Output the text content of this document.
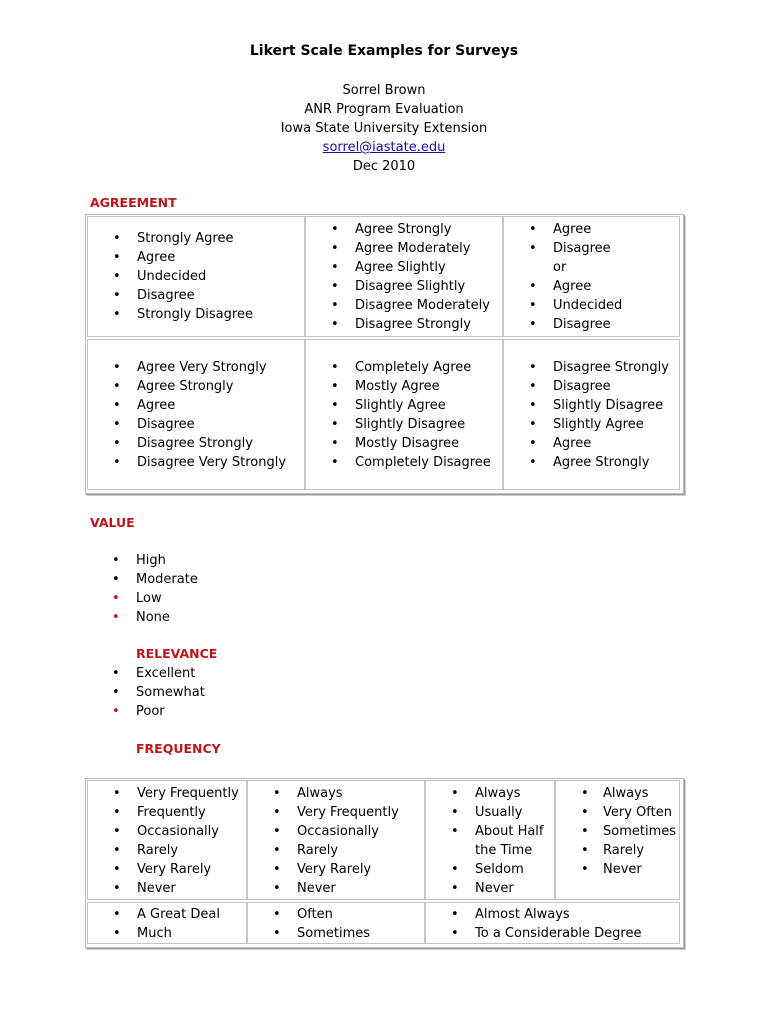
Likert Scale Examples for Surveys
Sorrel Brown
ANR Program Evaluation
Iowa State University Extension
sorrel@iastate.edu
Dec 2010
AGREEMENT
• Strongly Agree
• Agree
• Undecided
• Disagree
• Strongly Disagree
• Agree Strongly
• Agree Moderately
• Agree Slightly
• Disagree Slightly
• Disagree Moderately
• Disagree Strongly
• Agree
• Disagree
or
• Agree
• Undecided
• Disagree
• Agree Very Strongly
• Agree Strongly
• Agree
• Disagree
• Disagree Strongly
• Disagree Very Strongly
• Completely Agree
• Mostly Agree
• Slightly Agree
• Slightly Disagree
• Mostly Disagree
• Completely Disagree
• Disagree Strongly
• Disagree
• Slightly Disagree
• Slightly Agree
• Agree
• Agree Strongly
VALUE
• High
• Moderate
• Low
• None
RELEVANCE
• Excellent
• Somewhat
• Poor
FREQUENCY
• Very Frequently
• Frequently
• Occasionally
• Rarely
• Very Rarely
• Never
• Always
• Very Frequently
• Occasionally
• Rarely
• Very Rarely
• Never
• Always
• Usually
• About Half
the Time
• Seldom
• Never
• Always
• Very Often
• Sometimes
• Rarely
• Never
• A Great Deal
• Much
• Often
• Sometimes
• Almost Always
• To a Considerable Degree
